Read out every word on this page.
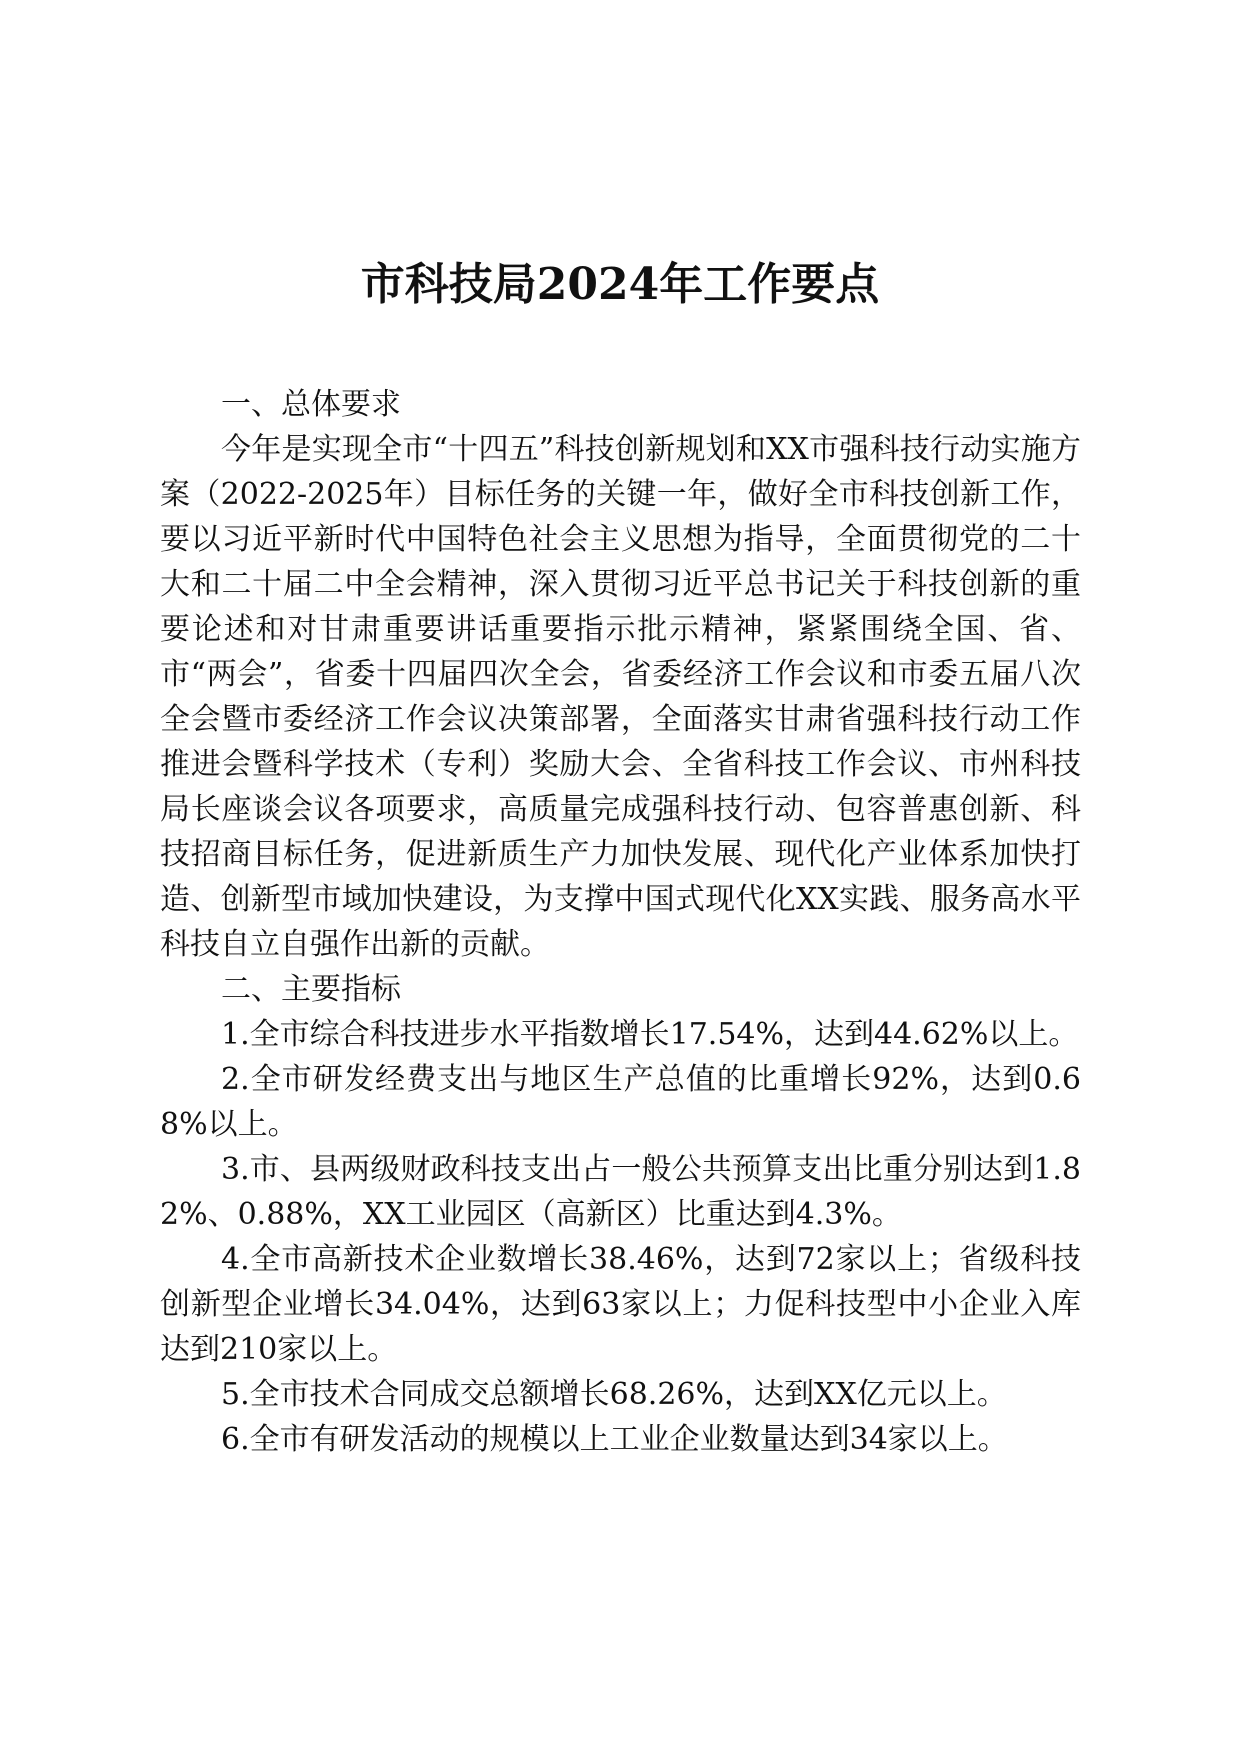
市科技局2024年工作要点

一、总体要求

今年是实现全市“十四五”科技创新规划和XX市强科技行动实施方案（2022-2025年）目标任务的关键一年，做好全市科技创新工作，要以习近平新时代中国特色社会主义思想为指导，全面贯彻党的二十大和二十届二中全会精神，深入贯彻习近平总书记关于科技创新的重要论述和对甘肃重要讲话重要指示批示精神，紧紧围绕全国、省、市“两会”，省委十四届四次全会，省委经济工作会议和市委五届八次全会暨市委经济工作会议决策部署，全面落实甘肃省强科技行动工作推进会暨科学技术（专利）奖励大会、全省科技工作会议、市州科技局长座谈会议各项要求，高质量完成强科技行动、包容普惠创新、科技招商目标任务，促进新质生产力加快发展、现代化产业体系加快打造、创新型市域加快建设，为支撑中国式现代化XX实践、服务高水平科技自立自强作出新的贡献。

二、主要指标

1.全市综合科技进步水平指数增长17.54%，达到44.62%以上。

2.全市研发经费支出与地区生产总值的比重增长92%，达到0.68%以上。

3.市、县两级财政科技支出占一般公共预算支出比重分别达到1.82%、0.88%，XX工业园区（高新区）比重达到4.3%。

4.全市高新技术企业数增长38.46%，达到72家以上；省级科技创新型企业增长34.04%，达到63家以上；力促科技型中小企业入库达到210家以上。

5.全市技术合同成交总额增长68.26%，达到XX亿元以上。

6.全市有研发活动的规模以上工业企业数量达到34家以上。
